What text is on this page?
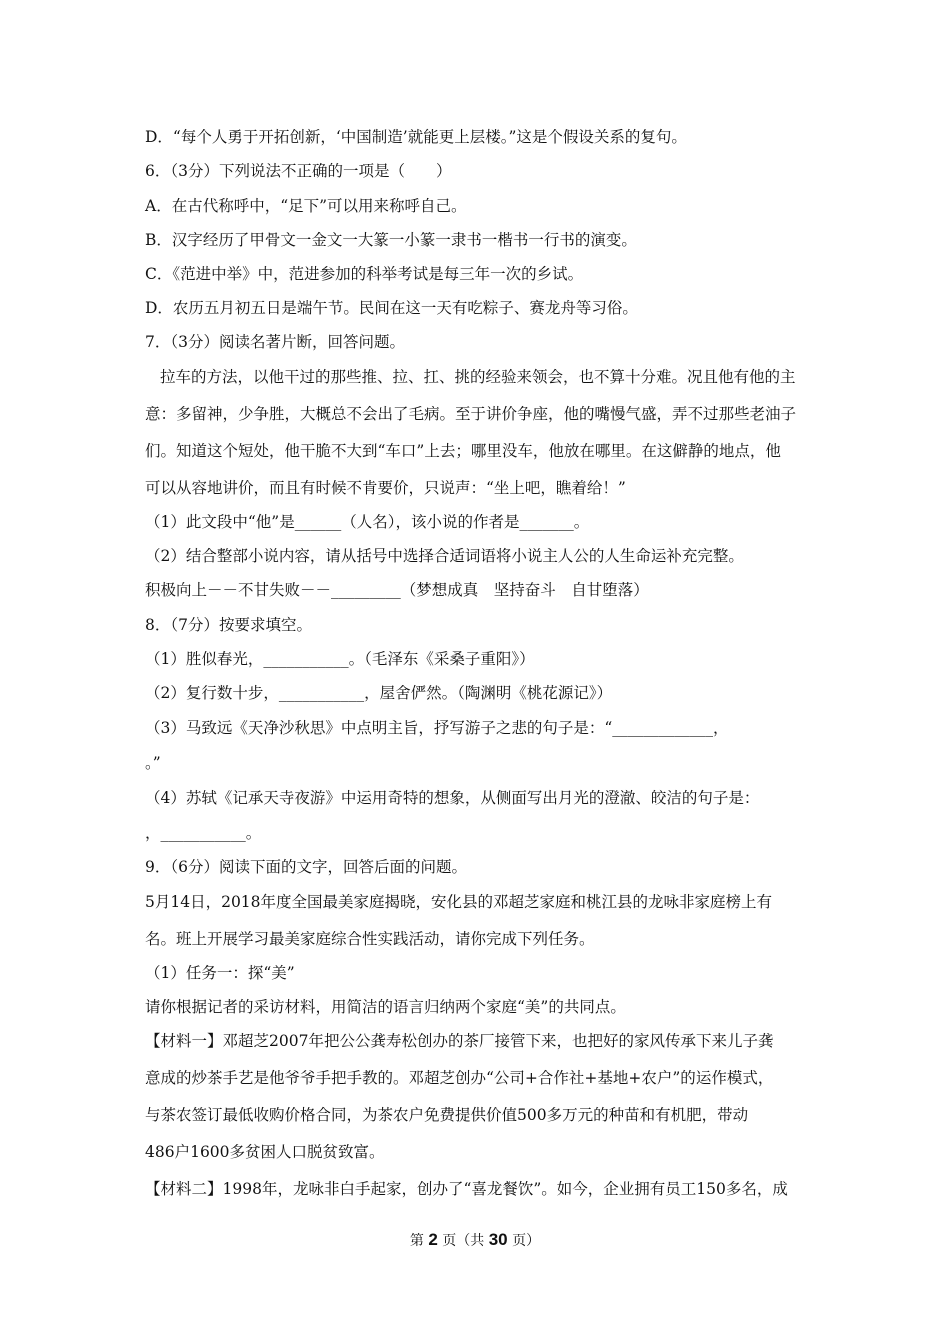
D．“每个人勇于开拓创新，‘中国制造’就能更上层楼。”这是个假设关系的复句。
6．（3分）下列说法不正确的一项是（　　）
A．在古代称呼中，“足下”可以用来称呼自己。
B．汉字经历了甲骨文一金文一大篆一小篆一隶书一楷书一行书的演变。
C．《范进中举》中，范进参加的科举考试是每三年一次的乡试。
D．农历五月初五日是端午节。民间在这一天有吃粽子、赛龙舟等习俗。
7．（3分）阅读名著片断，回答问题。
拉车的方法，以他干过的那些推、拉、扛、挑的经验来领会，也不算十分难。况且他有他的主
意：多留神，少争胜，大概总不会出了毛病。至于讲价争座，他的嘴慢气盛，弄不过那些老油子
们。知道这个短处，他干脆不大到“车口”上去；哪里没车，他放在哪里。在这僻静的地点，他
可以从容地讲价，而且有时候不肯要价，只说声：“坐上吧，瞧着给！”
（1）此文段中“他”是______（人名），该小说的作者是_______。
（2）结合整部小说内容，请从括号中选择合适词语将小说主人公的人生命运补充完整。
积极向上－－不甘失败－－_________（梦想成真　坚持奋斗　自甘堕落）
8．（7分）按要求填空。
（1）胜似春光，___________。（毛泽东《采桑子重阳》）
（2）复行数十步，___________，屋舍俨然。（陶渊明《桃花源记》）
（3）马致远《天净沙秋思》中点明主旨，抒写游子之悲的句子是：“_____________，
。”
（4）苏轼《记承天寺夜游》中运用奇特的想象，从侧面写出月光的澄澈、皎洁的句子是：
，___________。
9．（6分）阅读下面的文字，回答后面的问题。
5月14日，2018年度全国最美家庭揭晓，安化县的邓超芝家庭和桃江县的龙咏非家庭榜上有
名。班上开展学习最美家庭综合性实践活动，请你完成下列任务。
（1）任务一：探“美”
请你根据记者的采访材料，用简洁的语言归纳两个家庭“美”的共同点。
【材料一】邓超芝2007年把公公龚寿松创办的茶厂接管下来，也把好的家风传承下来儿子龚
意成的炒茶手艺是他爷爷手把手教的。邓超芝创办“公司+合作社+基地+农户”的运作模式，
与茶农签订最低收购价格合同，为茶农户免费提供价值500多万元的种苗和有机肥，带动
486户1600多贫困人口脱贫致富。
【材料二】1998年，龙咏非白手起家，创办了“喜龙餐饮”。如今，企业拥有员工150多名，成
第 2 页（共 30 页）
